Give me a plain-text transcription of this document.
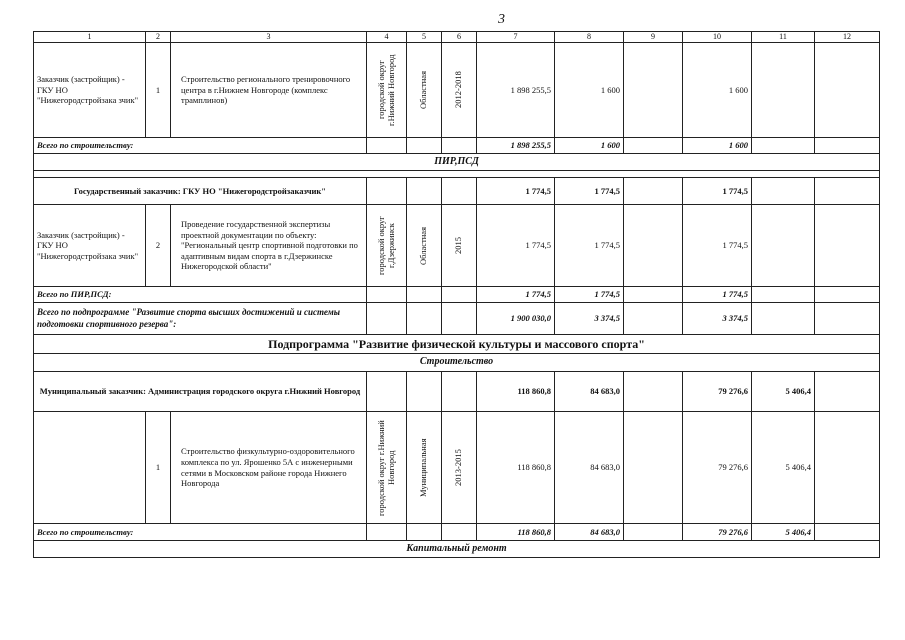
3
1	2	3	4	5	6	7	8	9	10	11	12
Заказчик (застройщик) - ГКУ НО "Нижегородстройзака зчик"	1	Строительство регионального тренировочного центра в г.Нижнем Новгороде (комплекс трамплинов)	городской округ г.Нижний Новгород	Областная	2012-2018	1 898 255,5	1 600		1 600		
Всего по строительству:						1 898 255,5	1 600		1 600		
ПИР,ПСД											

Государственный заказчик: ГКУ НО "Нижегородстройзаказчик"						1 774,5	1 774,5		1 774,5		
Заказчик (застройщик) - ГКУ НО "Нижегородстройзака зчик"	2	Проведение государственной экспертизы проектной документации по объекту: "Региональный центр спортивной подготовки по адаптивным видам спорта в г.Дзержинске Нижегородской области"	городской округ г.Дзержинск	Областная	2015	1 774,5	1 774,5		1 774,5		
Всего по ПИР,ПСД:						1 774,5	1 774,5		1 774,5		
Всего по подпрограмме "Развитие спорта высших достижений и системы подготовки спортивного резерва":						1 900 030,0	3 374,5		3 374,5		
Подпрограмма "Развитие физической культуры и массового спорта"											
Строительство											
Муниципальный заказчик: Администрация городского округа г.Нижний Новгород						118 860,8	84 683,0		79 276,6	5 406,4	
	1	Строительство физкультурно-оздоровительного комплекса по ул. Ярошенко 5А с инженерными сетями в Московском районе города Нижнего Новгорода	городской округ г.Нижний Новгород	Муниципальная	2013-2015	118 860,8	84 683,0		79 276,6	5 406,4	
Всего по строительству:						118 860,8	84 683,0		79 276,6	5 406,4	
Капитальный ремонт											
